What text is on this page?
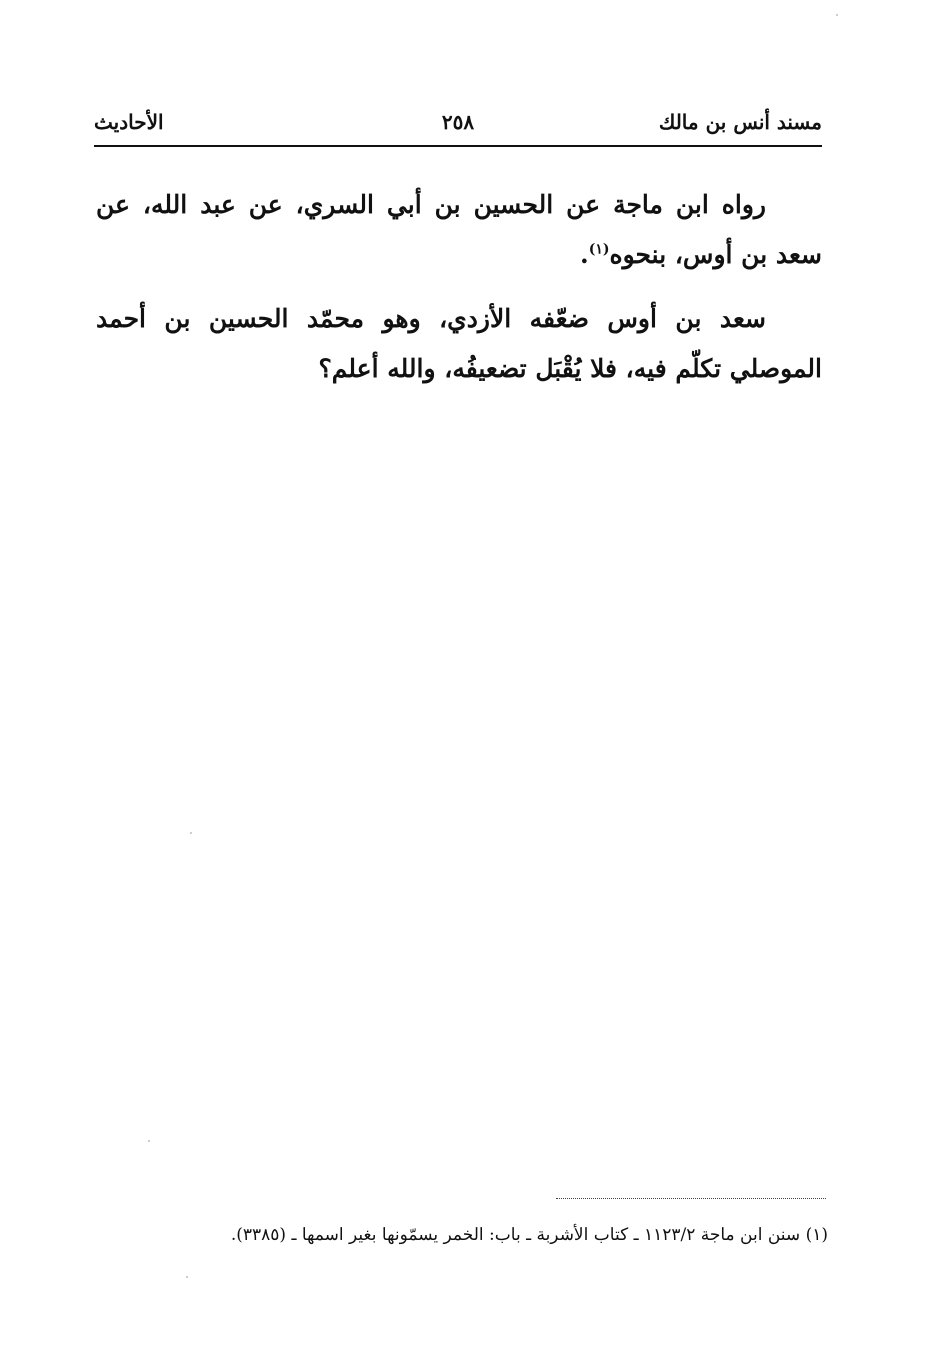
مسند أنس بن مالك
٢٥٨
الأحاديث

رواه ابن ماجة عن الحسين بن أبي السري، عن عبد الله، عن سعد بن أوس، بنحوه$^{(١)}$.

سعد بن أوس ضعّفه الأزدي، وهو محمّد الحسين بن أحمد الموصلي تكلّم فيه، فلا يُقْبَل تضعيفُه، والله أعلم؟

(١) سنن ابن ماجة ١١٢٣/٢ ـ كتاب الأشربة ـ باب: الخمر يسمّونها بغير اسمها ـ (٣٣٨٥).
